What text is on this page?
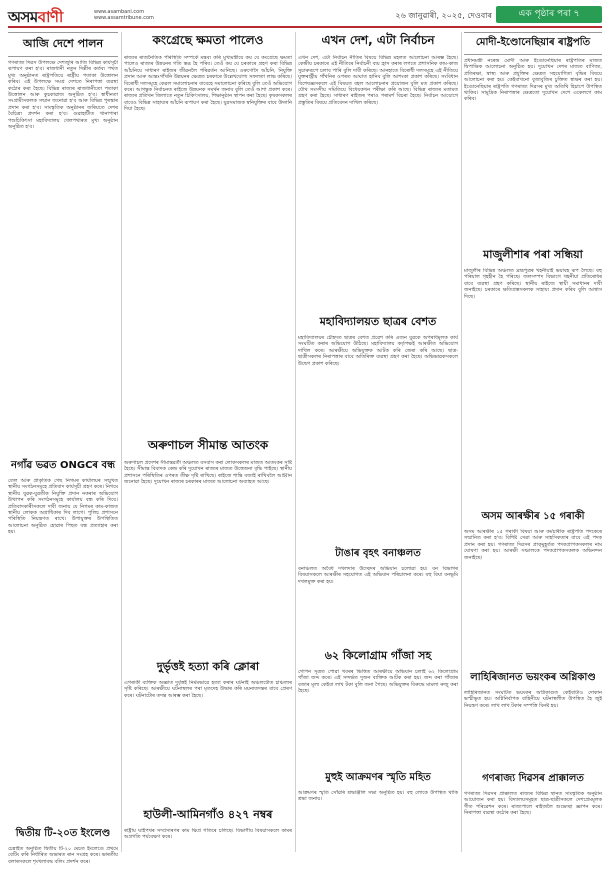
অসমবাণী	www.asambani.com
www.assamtribune.com	২৬ জানুৱাৰী, ২০২৫, দেওবাৰ	এক পৃষ্ঠাৰ পৰা ৭
আজি দেশে পালন

গণৰাজ্য দিৱস উপলক্ষে দেশজুৰি আজি বিভিন্ন কাৰ্যসূচী ৰূপায়ণ কৰা হ'ব। ৰাজধানী নতুন দিল্লীৰ কৰ্তব্য পথত মুখ্য অনুষ্ঠানত ৰাষ্ট্ৰপতিয়ে ৰাষ্ট্ৰীয় পতাকা উত্তোলন কৰিব। এই উপলক্ষে সমগ্ৰ দেশতে নিৰাপত্তা ব্যৱস্থা কঠোৰ কৰা হৈছে। বিভিন্ন ৰাজ্যৰ ৰাজধানীতো পতাকা উত্তোলন আৰু কুচকাৱাজ অনুষ্ঠিত হ'ব। স্বাধীনতা সংগ্ৰামীসকলক সন্মান জনোৱা হ'ব আৰু বিভিন্ন পুৰস্কাৰ প্ৰদান কৰা হ'ব। সাংস্কৃতিক অনুষ্ঠানৰ জৰিয়তে দেশৰ বৈচিত্ৰ্য প্ৰদৰ্শন কৰা হ'ব। গুৱাহাটীত খানাপাৰা পশুচিকিৎসা মহাবিদ্যালয় খেলপথাৰত মুখ্য অনুষ্ঠান অনুষ্ঠিত হ'ব।

নগাঁৱ ভৱত ONGCৰ বন্ধ

তেল আৰু প্ৰাকৃতিক গেছ নিগমৰ কাৰ্যালয়ৰ সন্মুখত স্থানীয় সংগঠনসমূহে প্ৰতিবাদ কাৰ্যসূচী গ্ৰহণ কৰে। নিগমে স্থানীয় যুৱক-যুৱতীক নিযুক্তি প্ৰদান নকৰাৰ অভিযোগ উত্থাপন কৰি সংগঠনসমূহে কাৰ্যালয় বন্ধ কৰি দিয়ে। প্ৰতিবাদকাৰীসকলে দাবী জনায় যে নিগমৰ কাম-কাজত স্থানীয় লোকক অগ্ৰাধিকাৰ দিব লাগে। পুলিচ প্ৰশাসনে পৰিস্থিতি নিয়ন্ত্ৰণত ৰাখে। উপায়ুক্তৰ উপস্থিতিত আলোচনা অনুষ্ঠিত হোৱাৰ পিছত বন্ধ প্ৰত্যাহাৰ কৰা হয়।

দ্বিতীয় টি-২০ত ইংলেণ্ড

চেন্নাইত অনুষ্ঠিত দ্বিতীয় টি-২০ মেচত ইংলেণ্ডে প্ৰথমে বেটিং কৰি নিৰ্ধাৰিত অভাৰত ৰান সংগ্ৰহ কৰে। ভাৰতীয় বলাৰসকলে শৃংখলাবদ্ধ বলিং প্ৰদৰ্শন কৰে।

কংগ্ৰেছে ক্ষমতা পালেও

ৰাজ্যৰ ৰাজনৈতিক পৰিস্থিতি সম্পৰ্কে মন্তব্য কৰি মুখ্যমন্ত্ৰীয়ে কয় যে কংগ্ৰেছে ক্ষমতা পালেও ৰাজ্যৰ উন্নয়নৰ গতি স্তব্ধ হৈ পৰিব। তেওঁ কয় যে চৰকাৰে গ্ৰহণ কৰা বিভিন্ন আঁচনিয়ে সাধাৰণ ৰাইজৰ জীৱনলৈ পৰিৱৰ্তন আনিছে। ওৰুণোদৈ আঁচনি, নিযুক্তি প্ৰদান আৰু আন্তঃগাঁথনি উন্নয়নৰ ক্ষেত্ৰত চৰকাৰে উল্লেখযোগ্য সফলতা লাভ কৰিছে। বিৰোধী দলসমূহে কেৱল সমালোচনাৰ বাবেহে সমালোচনা কৰিছে বুলি তেওঁ অভিযোগ কৰে। আগন্তুক নিৰ্বাচনত ৰাইজে উন্নয়নক সমৰ্থন জনাব বুলি তেওঁ আশা প্ৰকাশ কৰে। ৰাজ্যৰ প্ৰতিখন জিলাতে নতুন চিকিৎসালয়, শিক্ষানুষ্ঠান স্থাপন কৰা হৈছে। কৃষকসকলৰ বাবেও বিভিন্ন সাহায্যৰ আঁচনি ৰূপায়ণ কৰা হৈছে। যুৱসমাজক স্বনিযুক্তিৰ বাবে উদ্গনি দিয়া হৈছে।

অৰুণাচল সীমান্ত আতংক

অৰুণাচল প্ৰদেশৰ সীমান্তৱৰ্তী অঞ্চলত বসবাস কৰা লোকসকলৰ মাজত আতংকৰ সৃষ্টি হৈছে। সীমান্ত বিবাদক কেন্দ্ৰ কৰি দুয়োখন ৰাজ্যৰ মাজত উত্তেজনা বৃদ্ধি পাইছে। স্থানীয় প্ৰশাসনে পৰিস্থিতিৰ ওপৰত তীক্ষ্ণ দৃষ্টি ৰাখিছে। ৰাইজে শান্তি বজাই ৰাখিবলৈ আহ্বান জনোৱা হৈছে। দুয়োখন ৰাজ্যৰ চৰকাৰৰ মাজত আলোচনা অব্যাহত আছে।

দুৰ্ভৃত্তই হত্যা কৰি ক্লোৰা

এগৰাকী ব্যক্তিক অজ্ঞাত দুৰ্বৃত্তই নিৰ্মমভাৱে হত্যা কৰাৰ ঘটনাই অঞ্চলটোত চাঞ্চল্যৰ সৃষ্টি কৰিছে। আৰক্ষীয়ে ঘটনাস্থলৰ পৰা মৃতদেহ উদ্ধাৰ কৰি ময়নাতদন্তৰ বাবে প্ৰেৰণ কৰে। ঘটনাটোৰ তদন্ত আৰম্ভ কৰা হৈছে।

হাউলী-আমিনগাঁও ৪২৭ নম্বৰ

ৰাষ্ট্ৰীয় ঘাইপথৰ সম্প্ৰসাৰণৰ কাম ক্ষিপ্ৰ গতিৰে চলিছে। বিভাগীয় বিষয়াসকলে কামৰ অগ্ৰগতি পৰ্যবেক্ষণ কৰে।

এখন দেশ, এটা নিৰ্বাচন

এখন দেশ, এটা নিৰ্বাচন নীতিৰ বিষয়ে বিভিন্ন মহলত আলোচনা আৰম্ভ হৈছে। কেন্দ্ৰীয় চৰকাৰে এই নীতিৰে নিৰ্বাচনী ব্যয় হ্ৰাস কৰাৰ লগতে প্ৰশাসনিক কাম-কাজ সুচাৰুৰূপে চলাব পাৰি বুলি দাবী কৰিছে। আনহাতে বিৰোধী দলসমূহে এই নীতিয়ে যুক্তৰাষ্ট্ৰীয় গাঁথনিৰ ওপৰত আঘাত হানিব বুলি আশংকা প্ৰকাশ কৰিছে। সংবিধান বিশেষজ্ঞসকলে এই বিষয়ত বহল আলোচনাৰ প্ৰয়োজন বুলি মত প্ৰকাশ কৰিছে। যৌথ সংসদীয় সমিতিয়ে বিধেয়কখন পৰীক্ষা কৰি আছে। বিভিন্ন ৰাজ্যৰ মতামত গ্ৰহণ কৰা হৈছে। সাধাৰণ ৰাইজৰ পৰাও পৰামৰ্শ বিচৰা হৈছে। নিৰ্বাচন আয়োগে প্ৰস্তুতিৰ বিষয়ে প্ৰতিবেদন দাখিল কৰিছে।

মহাবিদ্যালয়ত ছাত্ৰৰ বেশত

মহাবিদ্যালয়ৰ চৌহদত ছাত্ৰৰ বেশত প্ৰৱেশ কৰি এজন যুৱকে অপৰাধমূলক কাৰ্য সংঘটিত কৰাৰ অভিযোগ উঠিছে। মহাবিদ্যালয় কৰ্তৃপক্ষই আৰক্ষীত অভিযোগ দাখিল কৰে। আৰক্ষীয়ে অভিযুক্তক আটক কৰি জেৰা কৰি আছে। ছাত্ৰ-ছাত্ৰীসকলৰ নিৰাপত্তাৰ বাবে অতিৰিক্ত ব্যৱস্থা গ্ৰহণ কৰা হৈছে। অভিভাৱকসকলে উদ্বেগ প্ৰকাশ কৰিছে।

টাঙাৰ বৃহৎ বনাঞ্চলত

বনাঞ্চলত অবৈধ দখলদাৰ উচ্ছেদৰ অভিযান চলোৱা হয়। বন বিভাগৰ বিষয়াসকলে আৰক্ষীৰ সহযোগত এই অভিযান পৰিচালনা কৰে। বহু বিঘা বনভূমি দখলমুক্ত কৰা হয়।

৬২ কিলোগ্ৰাম গাঁজা সহ

গোপন সূত্ৰত পোৱা খবৰৰ ভিত্তিত আৰক্ষীয়ে অভিযান চলাই ৬২ কিলোগ্ৰাম গাঁজা জব্দ কৰে। এই সন্দৰ্ভত দুজন ব্যক্তিক আটক কৰা হয়। জব্দ কৰা গাঁজাৰ বজাৰ মূল্য কেইবা লাখ টকা বুলি জনা গৈছে। অভিযুক্তৰ বিৰুদ্ধে মামলা ৰুজু কৰা হৈছে।

মুহুই আক্ৰমণৰ স্মৃতি মহিত

আক্ৰমণৰ স্মৃতি সোঁৱৰি শ্ৰদ্ধাঞ্জলি সভা অনুষ্ঠিত হয়। বহু লোকে উপস্থিত থাকি শ্ৰদ্ধা জনায়।

মোদী-ইণ্ডোনেছিয়াৰ ৰাষ্ট্ৰপতি

প্ৰধানমন্ত্ৰী নৰেন্দ্ৰ মোদী আৰু ইণ্ডোনেছিয়াৰ ৰাষ্ট্ৰপতিৰ মাজত দ্বিপাক্ষিক আলোচনা অনুষ্ঠিত হয়। দুয়োখন দেশৰ মাজত বাণিজ্য, প্ৰতিৰক্ষা, স্বাস্থ্য আৰু প্ৰযুক্তিৰ ক্ষেত্ৰত সহযোগিতা বৃদ্ধিৰ বিষয়ে আলোচনা কৰা হয়। কেইবাখনো বুজাবুজিৰ চুক্তিত স্বাক্ষৰ কৰা হয়। ইণ্ডোনেছিয়াৰ ৰাষ্ট্ৰপতি গণৰাজ্য দিৱসৰ মুখ্য অতিথি হিচাপে উপস্থিত থাকিব। সামুদ্ৰিক নিৰাপত্তাৰ ক্ষেত্ৰতো দুয়োখন দেশে একেলগে কাম কৰিব।

মাজুলীশাৰ পৰা সন্ধিয়া

মাজুলীৰ বিভিন্ন অঞ্চলত ব্ৰহ্মপুত্ৰৰ খহনীয়াই ভয়াবহ ৰূপ লৈছে। বহু পৰিয়াল গৃহহীন হৈ পৰিছে। জলসম্পদ বিভাগে খহনীয়া প্ৰতিৰোধৰ বাবে ব্যৱস্থা গ্ৰহণ কৰিছে। স্থানীয় ৰাইজে স্থায়ী সমাধানৰ দাবী জনাইছে। চৰকাৰে ক্ষতিগ্ৰস্তসকলক সাহায্য প্ৰদান কৰিব বুলি আশ্বাস দিছে।

অসম আৰক্ষীৰ ১৫ গৰাকী

অসম আৰক্ষীৰ ১৫ গৰাকী বিষয়া আৰু কৰ্মচাৰীক ৰাষ্ট্ৰপতি পদকেৰে সন্মানিত কৰা হ'ব। বিশিষ্ট সেৱা আৰু সাহসিকতাৰ বাবে এই পদক প্ৰদান কৰা হয়। গণৰাজ্য দিৱসৰ প্ৰাক্‌মুহূৰ্তত পদকপ্ৰাপকসকলৰ নাম ঘোষণা কৰা হয়। আৰক্ষী সঞ্চালকে পদকপ্ৰাপকসকলক অভিনন্দন জনাইছে।

লাহিৰিজানত ভয়ংকৰ অগ্নিকাণ্ড

লাহিৰিজানত সংঘটিত ভয়ংকৰ অগ্নিকাণ্ডত কেইবাটাও দোকান ভস্মীভূত হয়। অগ্নিনিৰ্বাপক বাহিনীয়ে ঘটনাস্থলীত উপস্থিত হৈ জুই নিয়ন্ত্ৰণ কৰে। লাখ লাখ টকাৰ সম্পত্তি বিনষ্ট হয়।

গণৰাজ্য দিৱসৰ প্ৰাক্কালত

গণৰাজ্য দিৱসৰ প্ৰাক্কালত ৰাজ্যৰ বিভিন্ন স্থানত সাংস্কৃতিক অনুষ্ঠান আয়োজন কৰা হয়। বিদ্যালয়সমূহত ছাত্ৰ-ছাত্ৰীসকলে দেশপ্ৰেমমূলক গীত পৰিৱেশন কৰে। ৰাজ্যপালে ৰাইজলৈ শুভেচ্ছা জ্ঞাপন কৰে। নিৰাপত্তা ব্যৱস্থা কঠোৰ কৰা হৈছে।
